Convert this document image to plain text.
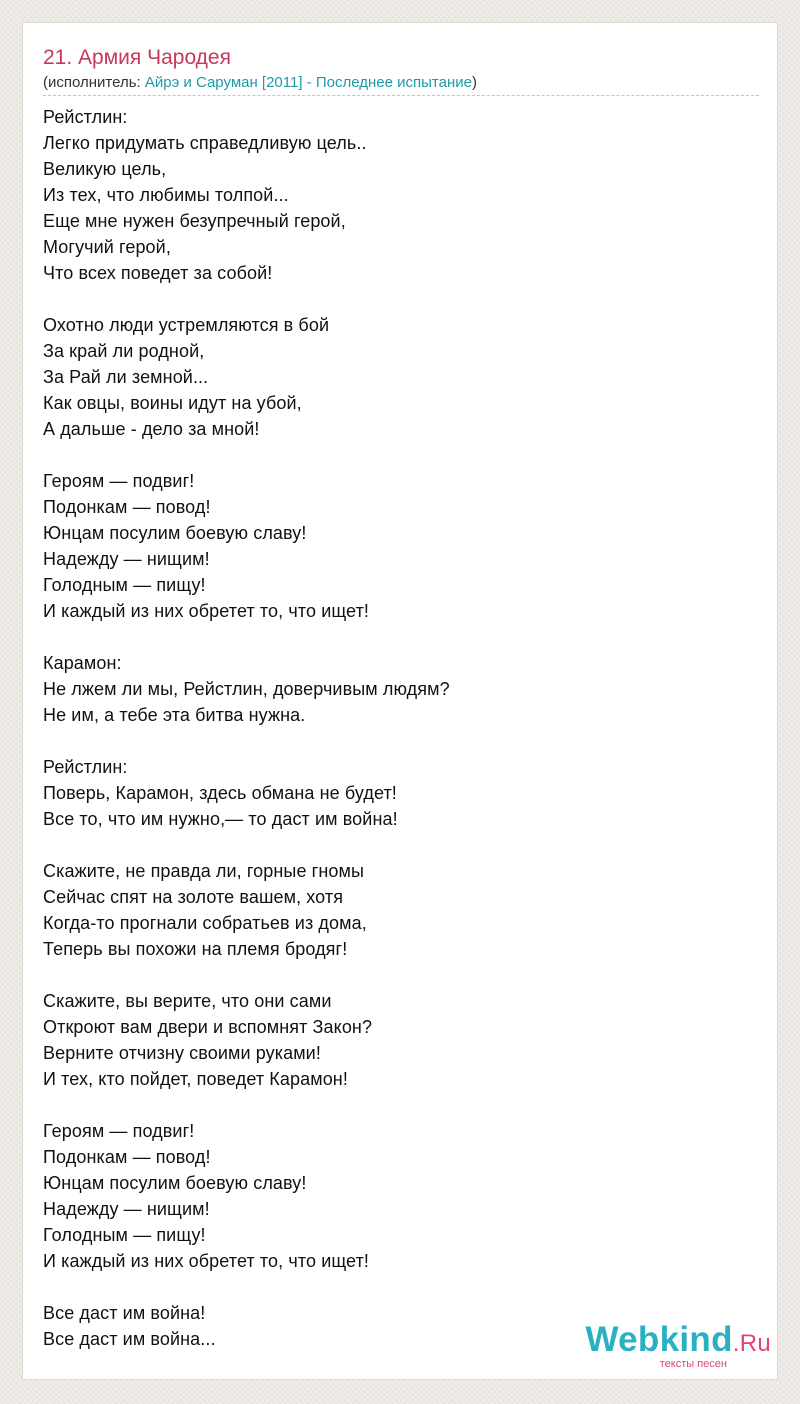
21. Армия Чародея
(исполнитель: Айрэ и Саруман [2011] - Последнее испытание)
Рейстлин:
Легко придумать справедливую цель..
Великую цель,
Из тех, что любимы толпой...
Еще мне нужен безупречный герой,
Могучий герой,
Что всех поведет за собой!
Охотно люди устремляются в бой
За край ли родной,
За Рай ли земной...
Как овцы, воины идут на убой,
А дальше - дело за мной!
Героям — подвиг!
Подонкам — повод!
Юнцам посулим боевую славу!
Надежду — нищим!
Голодным — пищу!
И каждый из них обретет то, что ищет!
Карамон:
Не лжем ли мы, Рейстлин, доверчивым людям?
Не им, а тебе эта битва нужна.
Рейстлин:
Поверь, Карамон, здесь обмана не будет!
Все то, что им нужно,— то даст им война!
Скажите, не правда ли, горные гномы
Сейчас спят на золоте вашем, хотя
Когда-то прогнали собратьев из дома,
Теперь вы похожи на племя бродяг!
Скажите, вы верите, что они сами
Откроют вам двери и вспомнят Закон?
Верните отчизну своими руками!
И тех, кто пойдет, поведет Карамон!
Героям — подвиг!
Подонкам — повод!
Юнцам посулим боевую славу!
Надежду — нищим!
Голодным — пищу!
И каждый из них обретет то, что ищет!
Все даст им война!
Все даст им война...	Webkind.Ru
тексты песен
